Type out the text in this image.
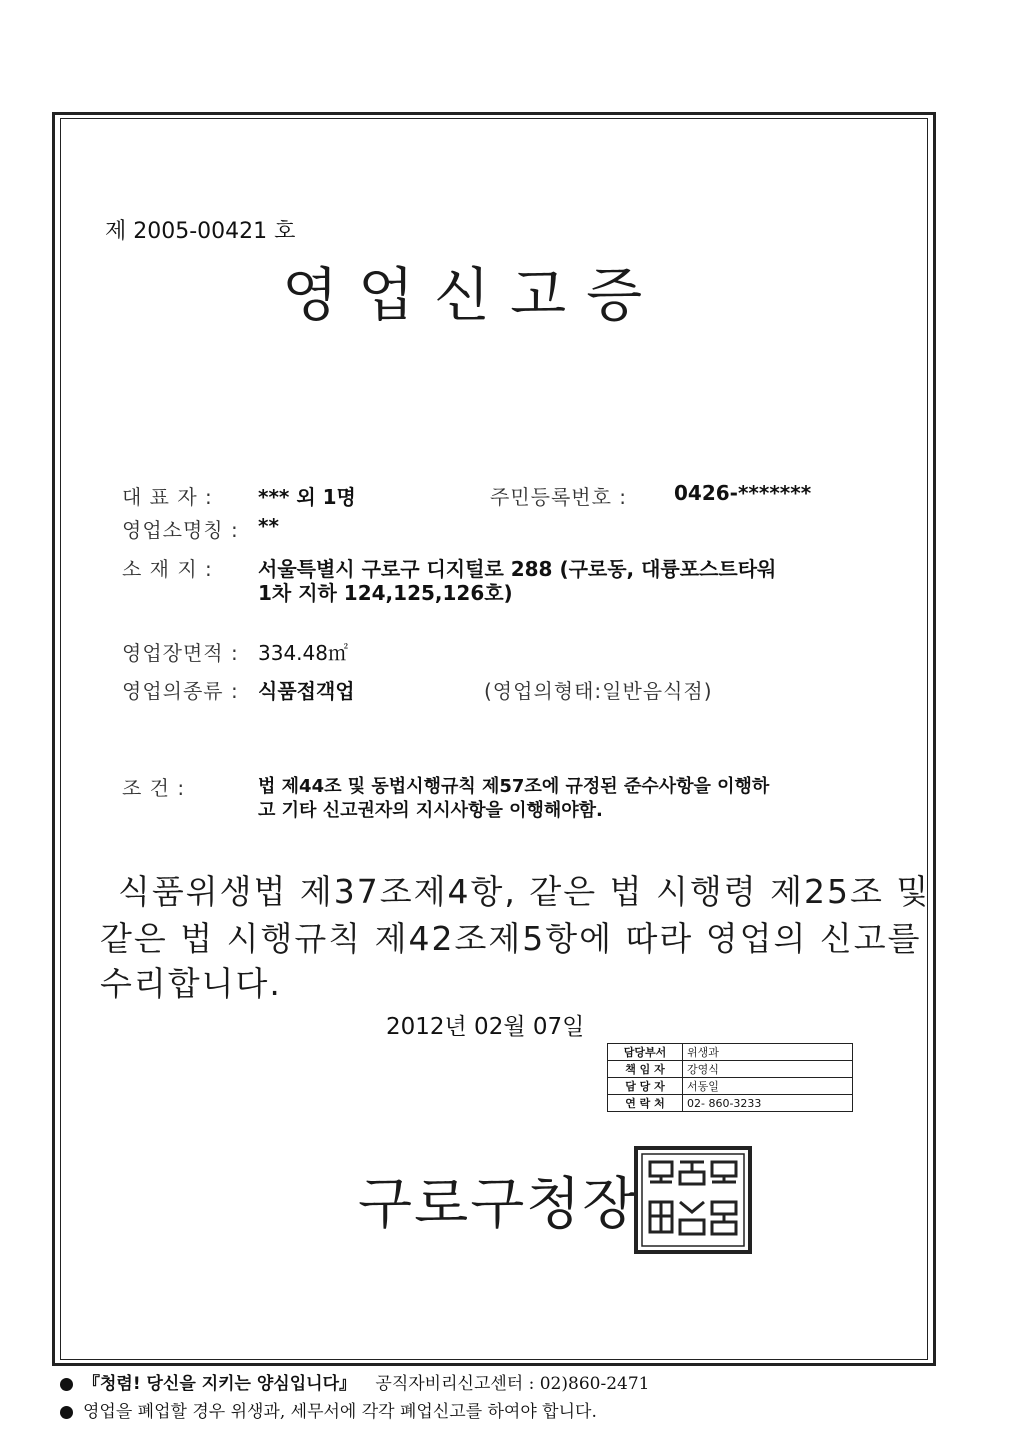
제 2005-00421 호
영업신고증
대 표 자 : *** 외 1명	주민등록번호 : 0426-*******
영업소명칭 : **
소 재 지 : 서울특별시 구로구 디지털로 288 (구로동, 대륭포스트타워
1차 지하 124,125,126호)
영업장면적 : 334.48㎡
영업의종류 : 식품접객업	(영업의형태:일반음식점)
조 건 :	법 제44조 및 동법시행규칙 제57조에 규정된 준수사항을 이행하
고 기타 신고권자의 지시사항을 이행해야함.
식품위생법 제37조제4항, 같은 법 시행령 제25조 및
같은 법 시행규칙 제42조제5항에 따라 영업의 신고를
수리합니다.
2012년 02월 07일
담당부서	위생과
책 임 자	강영식
담 당 자	서동일
연 락 처	02- 860-3233
구로구청장
『청렴! 당신을 지키는 양심입니다』 공직자비리신고센터 : 02)860-2471
영업을 폐업할 경우 위생과, 세무서에 각각 폐업신고를 하여야 합니다.
